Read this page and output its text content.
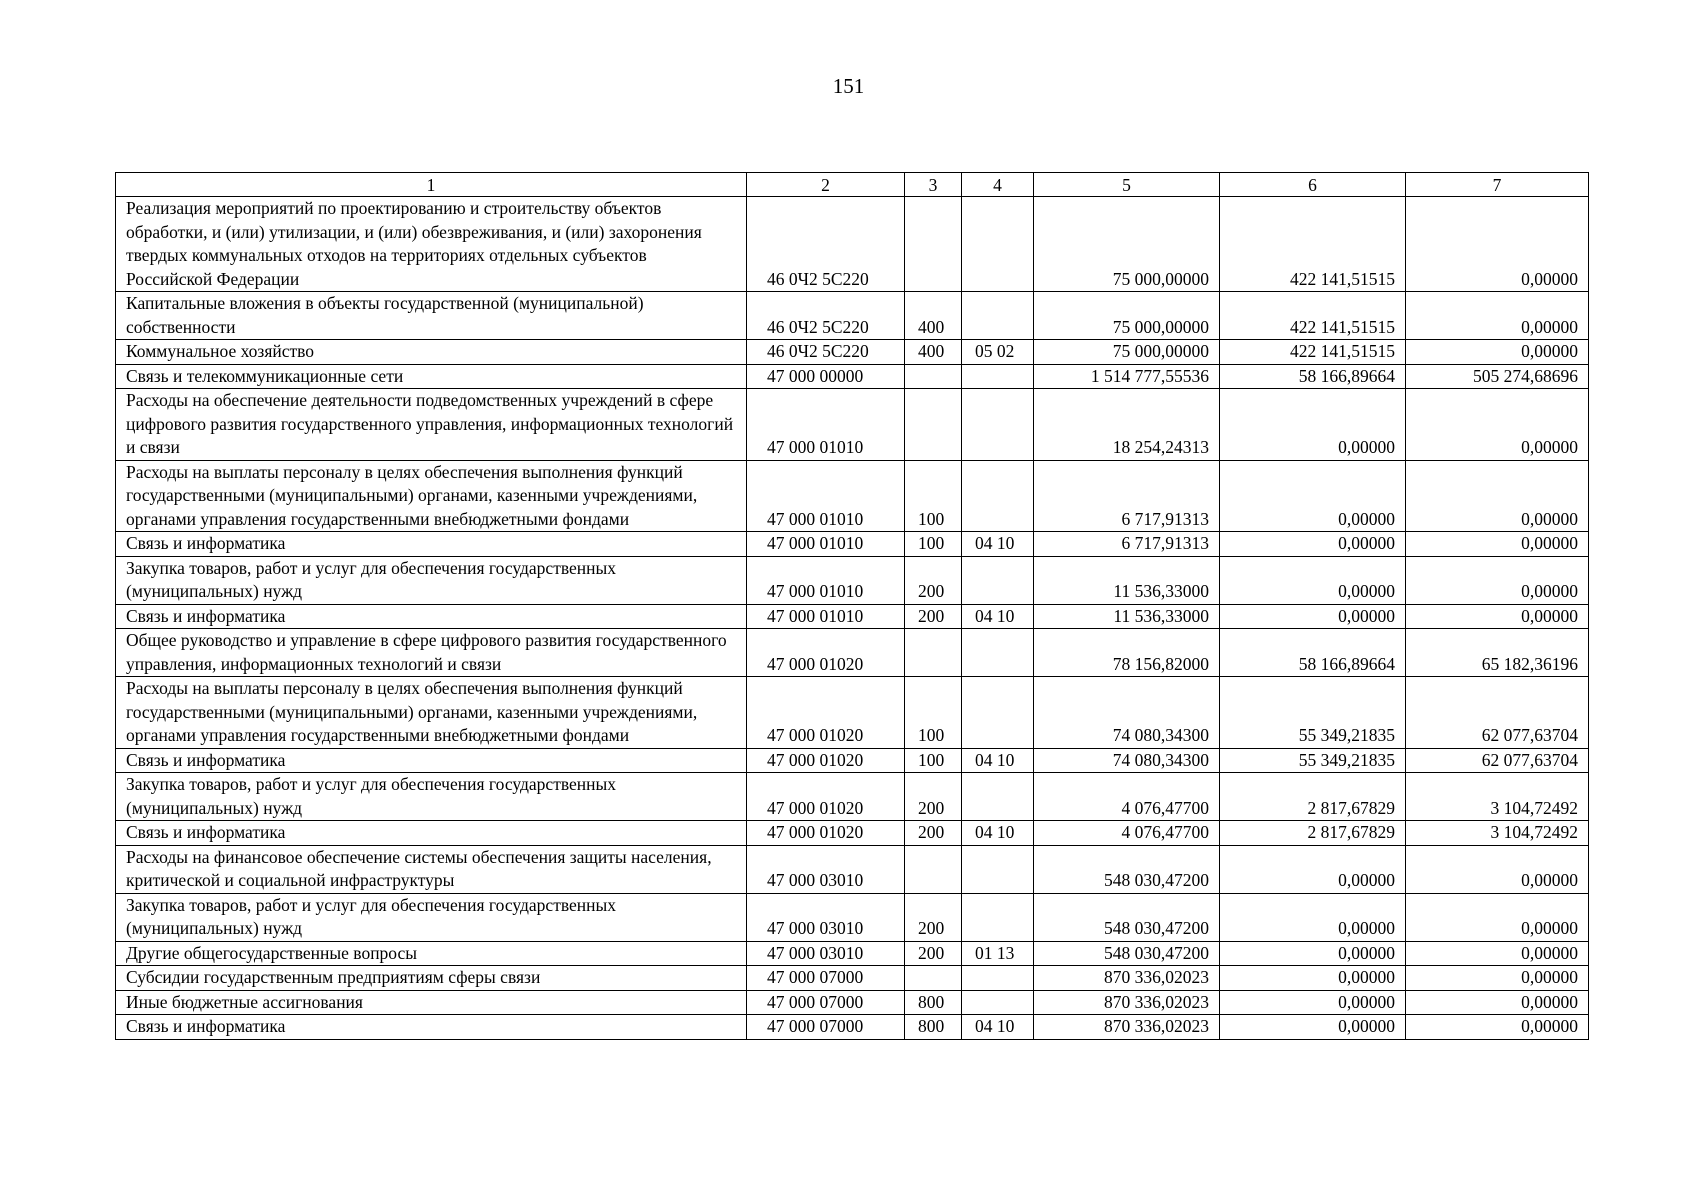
151
1	2	3	4	5	6	7
Реализация мероприятий по проектированию и строительству объектов обработки, и (или) утилизации, и (или) обезвреживания, и (или) захоронения твердых коммунальных отходов на территориях отдельных субъектов Российской Федерации	46 0Ч2 5С220			75 000,00000	422 141,51515	0,00000
Капитальные вложения в объекты государственной (муниципальной) собственности	46 0Ч2 5С220	400		75 000,00000	422 141,51515	0,00000
Коммунальное хозяйство	46 0Ч2 5С220	400	05 02	75 000,00000	422 141,51515	0,00000
Связь и телекоммуникационные сети	47 000 00000			1 514 777,55536	58 166,89664	505 274,68696
Расходы на обеспечение деятельности подведомственных учреждений в сфере цифрового развития государственного управления, информационных технологий и связи	47 000 01010			18 254,24313	0,00000	0,00000
Расходы на выплаты персоналу в целях обеспечения выполнения функций государственными (муниципальными) органами, казенными учреждениями, органами управления государственными внебюджетными фондами	47 000 01010	100		6 717,91313	0,00000	0,00000
Связь и информатика	47 000 01010	100	04 10	6 717,91313	0,00000	0,00000
Закупка товаров, работ и услуг для обеспечения государственных (муниципальных) нужд	47 000 01010	200		11 536,33000	0,00000	0,00000
Связь и информатика	47 000 01010	200	04 10	11 536,33000	0,00000	0,00000
Общее руководство и управление в сфере цифрового развития государственного управления, информационных технологий и связи	47 000 01020			78 156,82000	58 166,89664	65 182,36196
Расходы на выплаты персоналу в целях обеспечения выполнения функций государственными (муниципальными) органами, казенными учреждениями, органами управления государственными внебюджетными фондами	47 000 01020	100		74 080,34300	55 349,21835	62 077,63704
Связь и информатика	47 000 01020	100	04 10	74 080,34300	55 349,21835	62 077,63704
Закупка товаров, работ и услуг для обеспечения государственных (муниципальных) нужд	47 000 01020	200		4 076,47700	2 817,67829	3 104,72492
Связь и информатика	47 000 01020	200	04 10	4 076,47700	2 817,67829	3 104,72492
Расходы на финансовое обеспечение системы обеспечения защиты населения, критической и социальной инфраструктуры	47 000 03010			548 030,47200	0,00000	0,00000
Закупка товаров, работ и услуг для обеспечения государственных (муниципальных) нужд	47 000 03010	200		548 030,47200	0,00000	0,00000
Другие общегосударственные вопросы	47 000 03010	200	01 13	548 030,47200	0,00000	0,00000
Субсидии государственным предприятиям сферы связи	47 000 07000			870 336,02023	0,00000	0,00000
Иные бюджетные ассигнования	47 000 07000	800		870 336,02023	0,00000	0,00000
Связь и информатика	47 000 07000	800	04 10	870 336,02023	0,00000	0,00000
